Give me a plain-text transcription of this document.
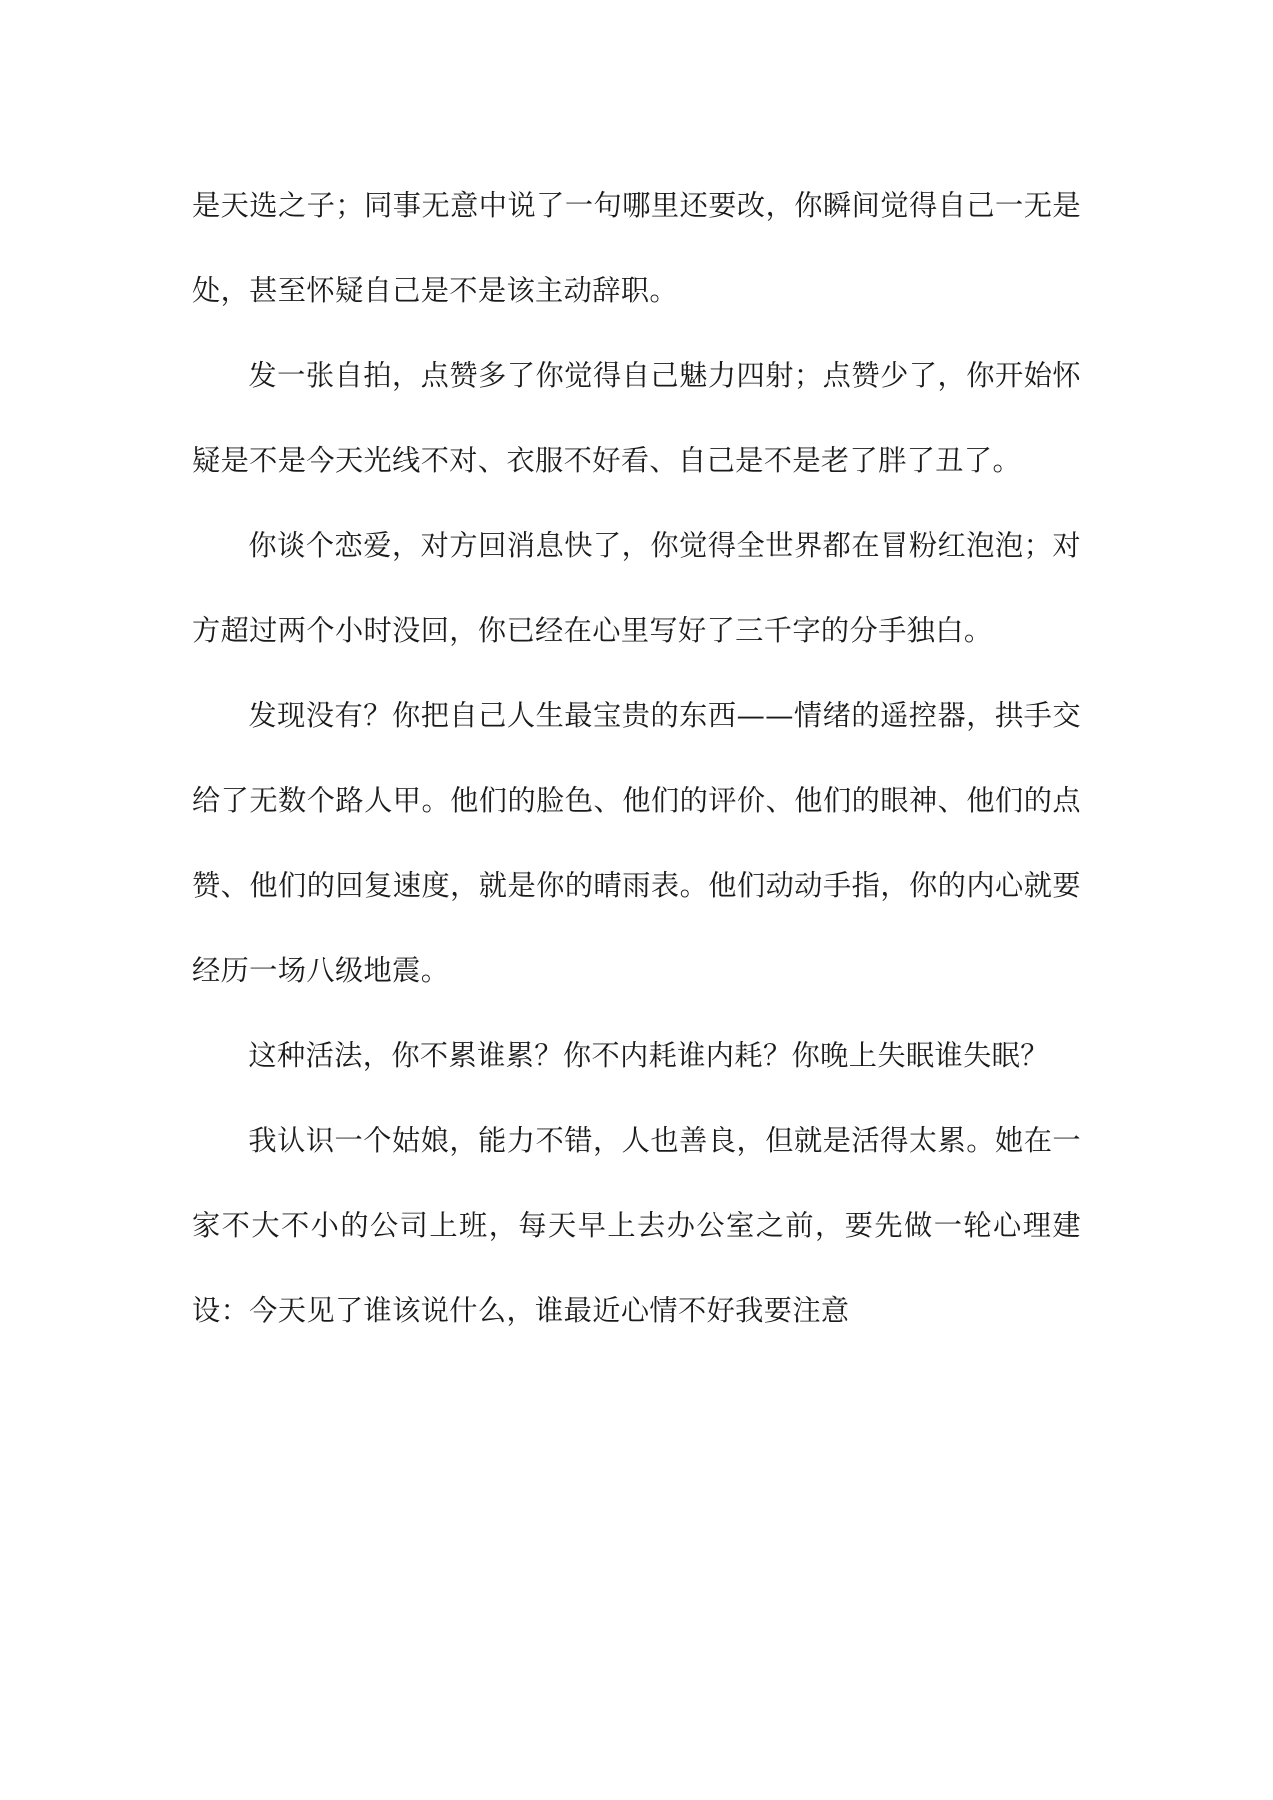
是天选之子；同事无意中说了一句哪里还要改，你瞬间觉得自己一无是处，甚至怀疑自己是不是该主动辞职。

发一张自拍，点赞多了你觉得自己魅力四射；点赞少了，你开始怀疑是不是今天光线不对、衣服不好看、自己是不是老了胖了丑了。

你谈个恋爱，对方回消息快了，你觉得全世界都在冒粉红泡泡；对方超过两个小时没回，你已经在心里写好了三千字的分手独白。

发现没有？你把自己人生最宝贵的东西——情绪的遥控器，拱手交给了无数个路人甲。他们的脸色、他们的评价、他们的眼神、他们的点赞、他们的回复速度，就是你的晴雨表。他们动动手指，你的内心就要经历一场八级地震。

这种活法，你不累谁累？你不内耗谁内耗？你晚上失眠谁失眠？

我认识一个姑娘，能力不错，人也善良，但就是活得太累。她在一家不大不小的公司上班，每天早上去办公室之前，要先做一轮心理建设：今天见了谁该说什么，谁最近心情不好我要注意
